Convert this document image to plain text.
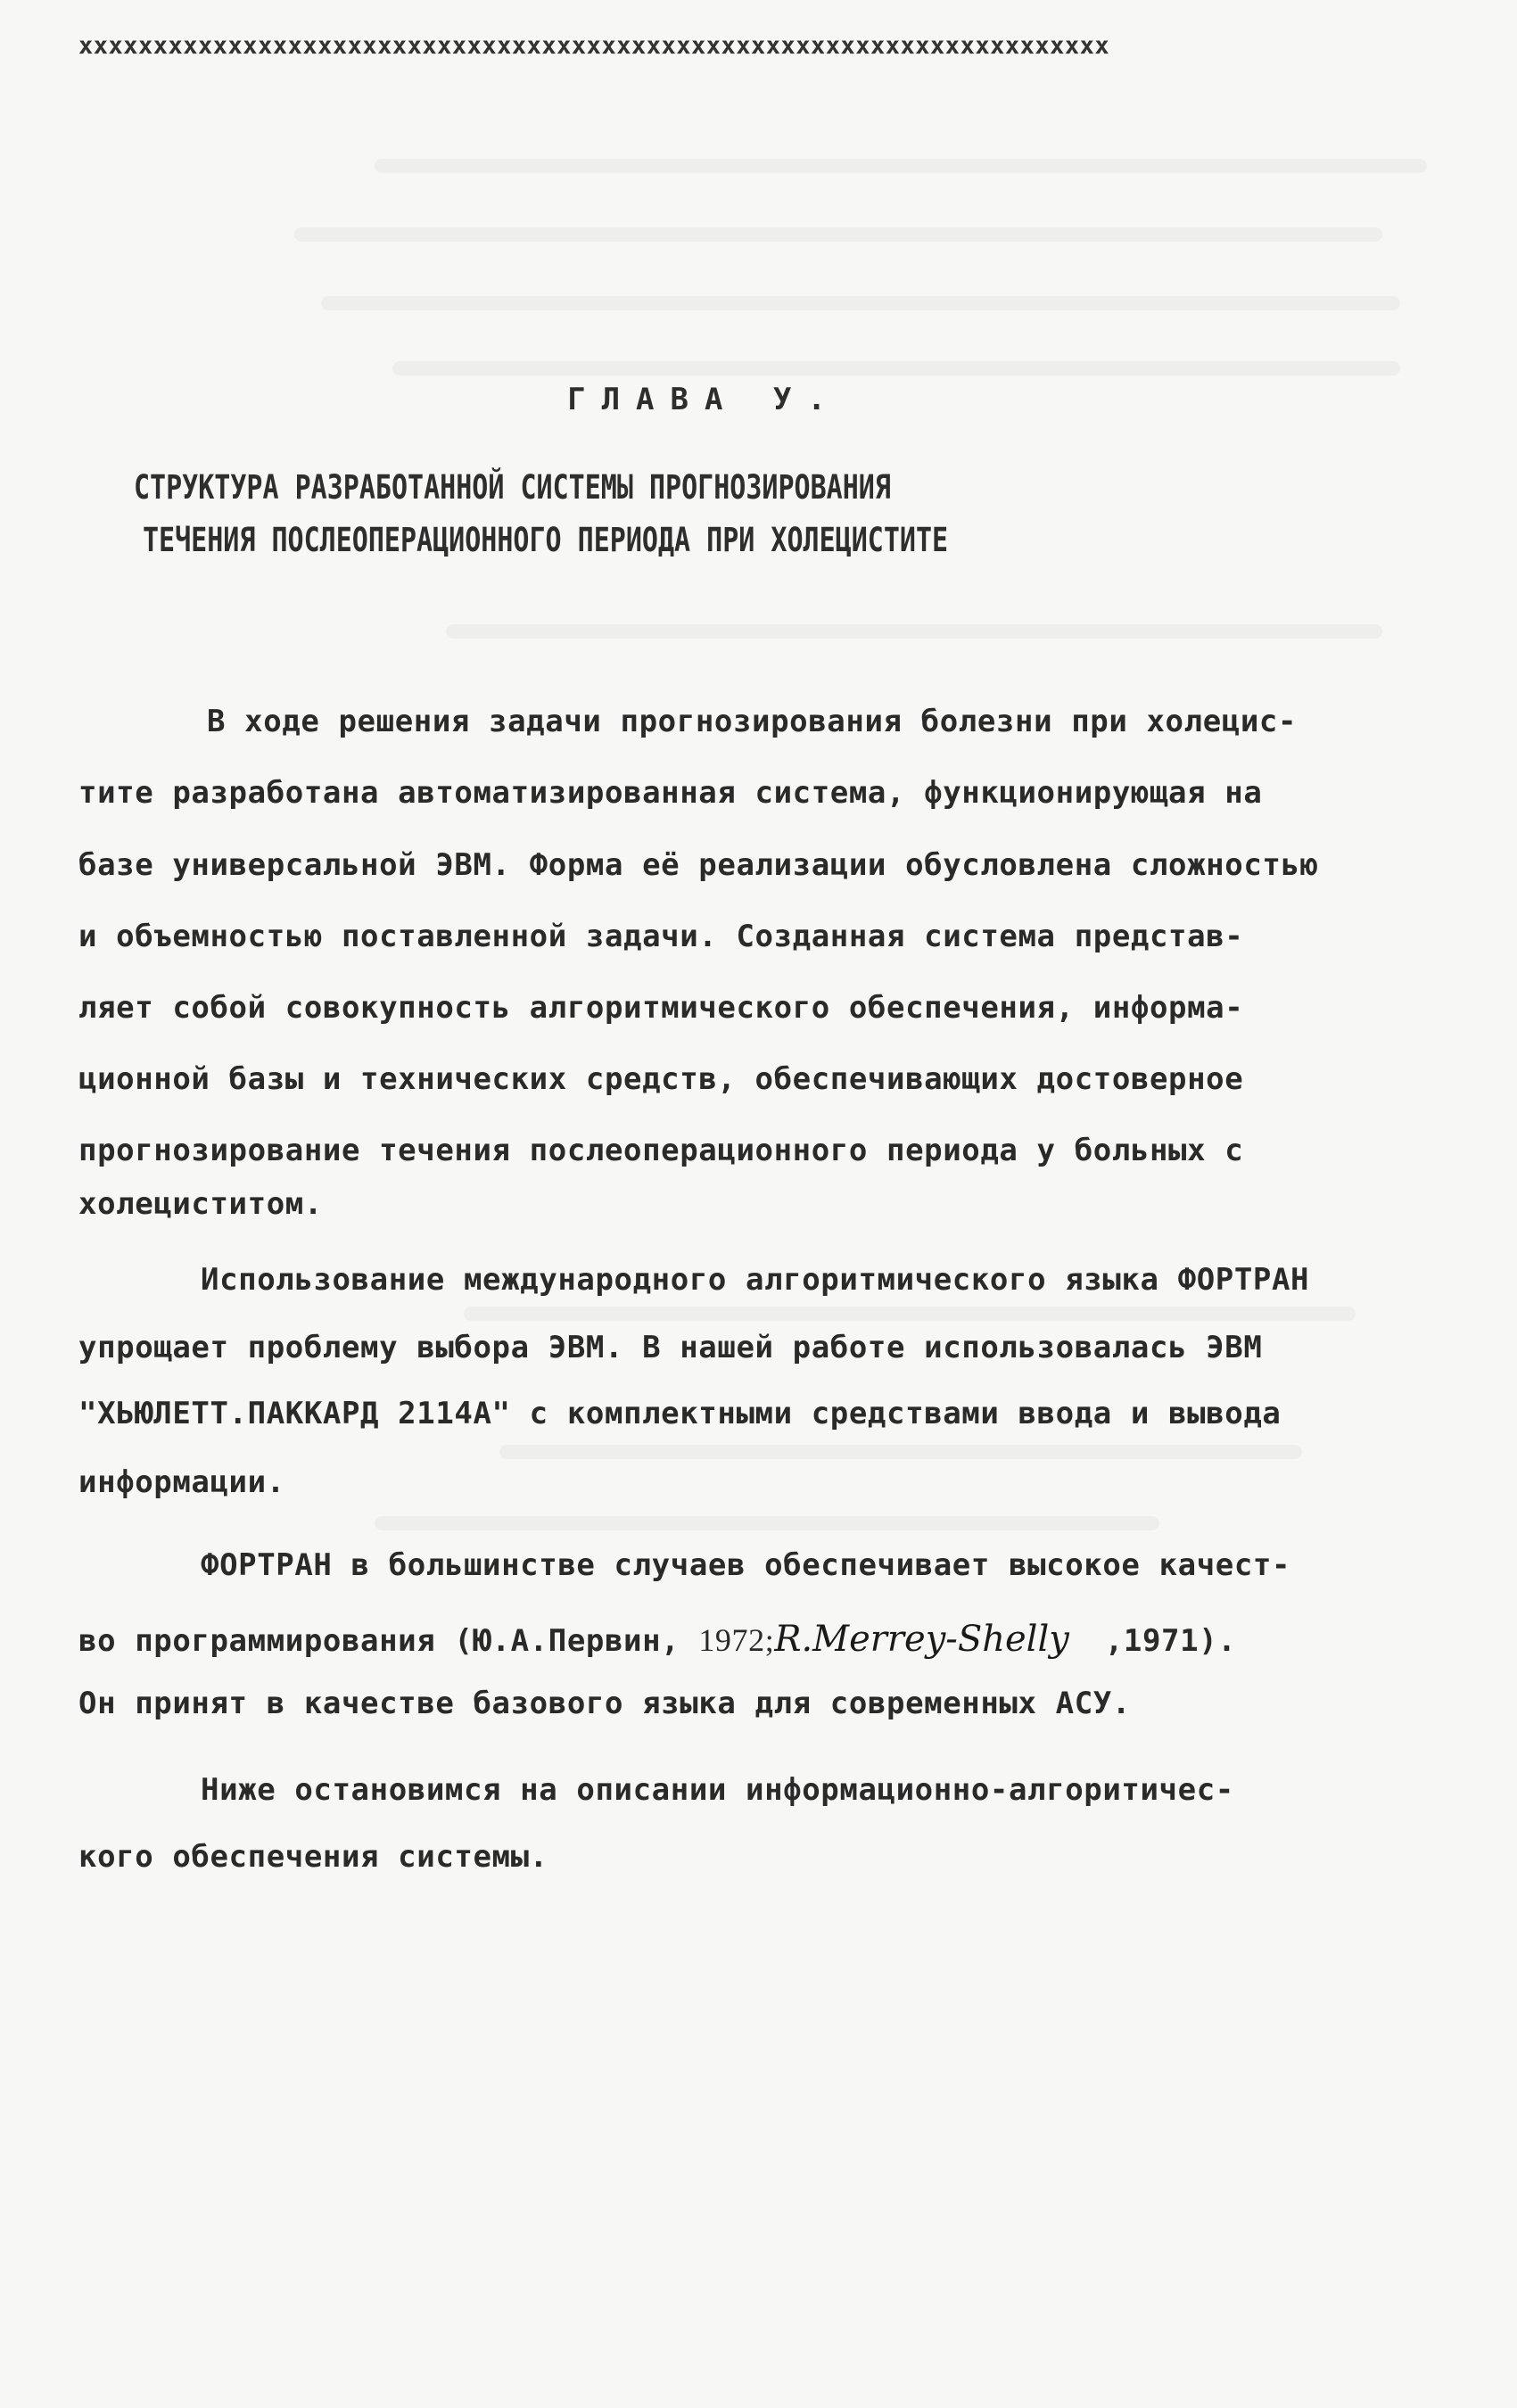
xxxxxxxxxxxxxxxxxxxxxxxxxxxxxxxxxxxxxxxxxxxxxxxxxxxxxxxxxxxxxxxxxxxxx
ГЛАВА У.
СТРУКТУРА РАЗРАБОТАННОЙ СИСТЕМЫ ПРОГНОЗИРОВАНИЯ
ТЕЧЕНИЯ ПОСЛЕОПЕРАЦИОННОГО ПЕРИОДА ПРИ ХОЛЕЦИСТИТЕ
В ходе решения задачи прогнозирования болезни при холецис-
тите разработана автоматизированная система, функционирующая на
базе универсальной ЭВМ. Форма её реализации обусловлена сложностью
и объемностью поставленной задачи. Созданная система представ-
ляет собой совокупность алгоритмического обеспечения, информа-
ционной базы и технических средств, обеспечивающих достоверное
прогнозирование течения послеоперационного периода у больных с
холециститом.
Использование международного алгоритмического языка ФОРТРАН
упрощает проблему выбора ЭВМ. В нашей работе использовалась ЭВМ
"ХЬЮЛЕТТ.ПАККАРД 2114А" с комплектными средствами ввода и вывода
информации.
ФОРТРАН в большинстве случаев обеспечивает высокое качест-
во программирования (Ю.А.Первин, 1972;R.Merrey-Shelly ,1971).
Он принят в качестве базового языка для современных АСУ.
Ниже остановимся на описании информационно-алгоритичес-
кого обеспечения системы.
